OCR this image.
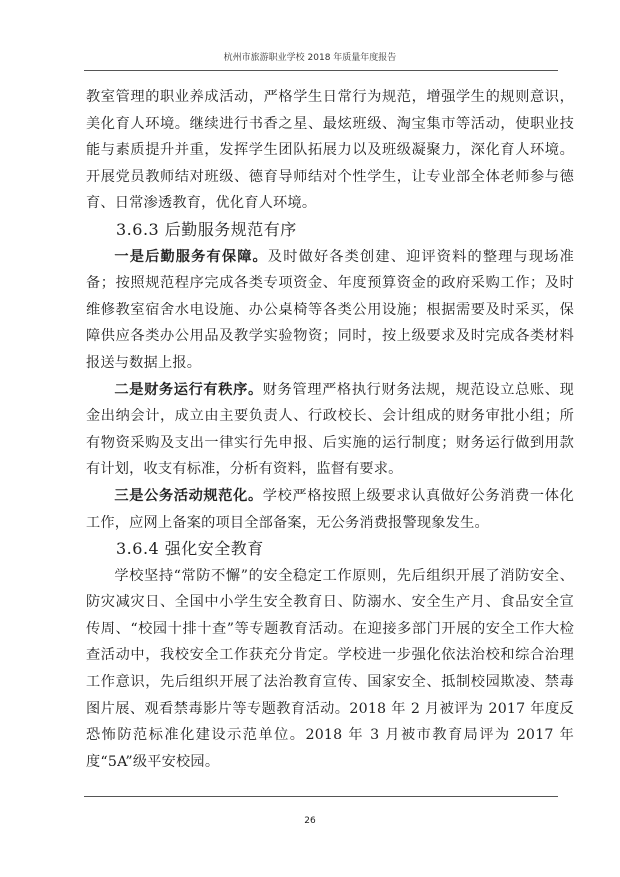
杭州市旅游职业学校 2018 年质量年度报告

教室管理的职业养成活动，严格学生日常行为规范，增强学生的规则意识，美化育人环境。继续进行书香之星、最炫班级、淘宝集市等活动，使职业技能与素质提升并重，发挥学生团队拓展力以及班级凝聚力，深化育人环境。开展党员教师结对班级、德育导师结对个性学生，让专业部全体老师参与德育、日常渗透教育，优化育人环境。

3.6.3 后勤服务规范有序

一是后勤服务有保障。及时做好各类创建、迎评资料的整理与现场准备；按照规范程序完成各类专项资金、年度预算资金的政府采购工作；及时维修教室宿舍水电设施、办公桌椅等各类公用设施；根据需要及时采买，保障供应各类办公用品及教学实验物资；同时，按上级要求及时完成各类材料报送与数据上报。

二是财务运行有秩序。财务管理严格执行财务法规，规范设立总账、现金出纳会计，成立由主要负责人、行政校长、会计组成的财务审批小组；所有物资采购及支出一律实行先申报、后实施的运行制度；财务运行做到用款有计划，收支有标准，分析有资料，监督有要求。

三是公务活动规范化。学校严格按照上级要求认真做好公务消费一体化工作，应网上备案的项目全部备案，无公务消费报警现象发生。

3.6.4 强化安全教育

学校坚持“常防不懈”的安全稳定工作原则，先后组织开展了消防安全、防灾减灾日、全国中小学生安全教育日、防溺水、安全生产月、食品安全宣传周、“校园十排十查”等专题教育活动。在迎接多部门开展的安全工作大检查活动中，我校安全工作获充分肯定。学校进一步强化依法治校和综合治理工作意识，先后组织开展了法治教育宣传、国家安全、抵制校园欺凌、禁毒图片展、观看禁毒影片等专题教育活动。2018 年 2 月被评为 2017 年度反恐怖防范标准化建设示范单位。2018 年 3 月被市教育局评为 2017 年度“5A”级平安校园。

26
